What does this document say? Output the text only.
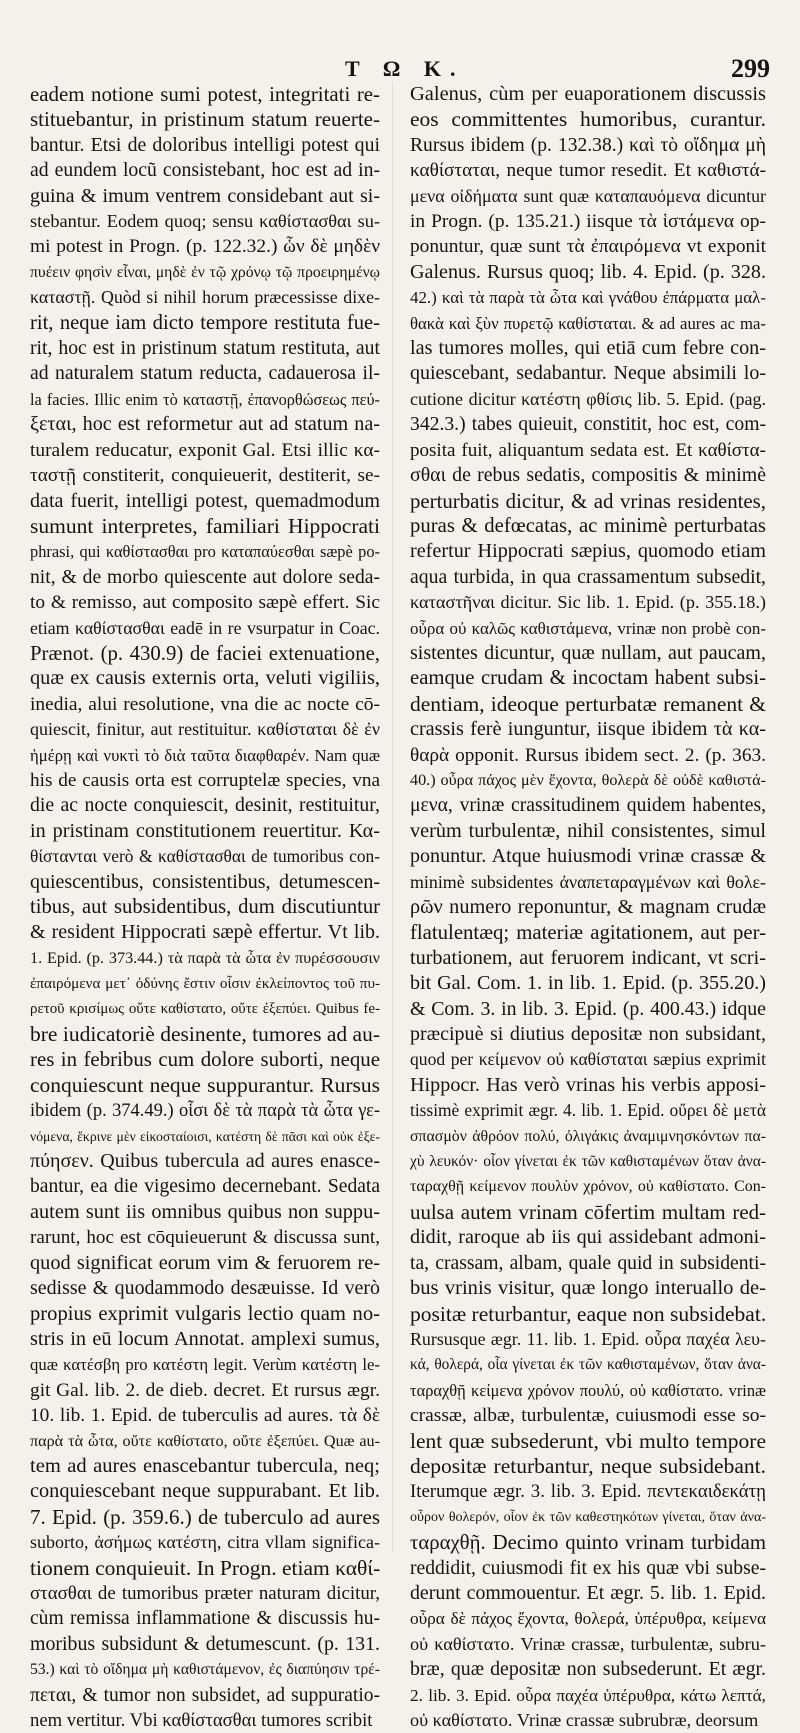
Τ Ω Κ.	299
eadem notione sumi potest, integritati re-
stituebantur, in pristinum statum reuerte-
bantur. Etsi de doloribus intelligi potest qui
ad eundem locũ consistebant, hoc est ad in-
guina & imum ventrem considebant aut si-
stebantur. Eodem quoq; sensu καθίστασθαι su-
mi potest in Progn. (p. 122.32.) ὧν δὲ μηδὲν
πυέειν φησὶν εἶναι, μηδὲ ἐν τῷ χρόνῳ τῷ προειρημένῳ
καταστῇ. Quòd si nihil horum præcessisse dixe-
rit, neque iam dicto tempore restituta fue-
rit, hoc est in pristinum statum restituta, aut
ad naturalem statum reducta, cadauerosa il-
la facies. Illic enim τὸ καταστῇ, ἐπανορθώσεως πεύ-
ξεται, hoc est reformetur aut ad statum na-
turalem reducatur, exponit Gal. Etsi illic κα-
ταστῇ constiterit, conquieuerit, destiterit, se-
data fuerit, intelligi potest, quemadmodum
sumunt interpretes, familiari Hippocrati
phrasi, qui καθίστασθαι pro καταπαύεσθαι sæpè po-
nit, & de morbo quiescente aut dolore seda-
to & remisso, aut composito sæpè effert. Sic
etiam καθίστασθαι eadē in re vsurpatur in Coac.
Prænot. (p. 430.9) de faciei extenuatione,
quæ ex causis externis orta, veluti vigiliis,
inedia, alui resolutione, vna die ac nocte cō-
quiescit, finitur, aut restituitur. καθίσταται δὲ ἐν
ἡμέρῃ καὶ νυκτὶ τὸ διὰ ταῦτα διαφθαρέν. Nam quæ
his de causis orta est corruptelæ species, vna
die ac nocte conquiescit, desinit, restituitur,
in pristinam constitutionem reuertitur. Κα-
θίστανται verò & καθίστασθαι de tumoribus con-
quiescentibus, consistentibus, detumescen-
tibus, aut subsidentibus, dum discutiuntur
& resident Hippocrati sæpè effertur. Vt lib.
1. Epid. (p. 373.44.) τὰ παρὰ τὰ ὦτα ἐν πυρέσσουσιν
ἐπαιρόμενα μετ᾽ ὀδύνης ἔστιν οἷσιν ἐκλείποντος τοῦ πυ-
ρετοῦ κρισίμως οὔτε καθίστατο, οὔτε ἐξεπύει. Quibus fe-
bre iudicatoriè desinente, tumores ad au-
res in febribus cum dolore suborti, neque
conquiescunt neque suppurantur. Rursus
ibidem (p. 374.49.) οἷσι δὲ τὰ παρὰ τὰ ὦτα γε-
νόμενα, ἔκρινε μὲν εἰκοσταίοισι, κατέστη δὲ πᾶσι καὶ οὐκ ἐξε-
πύησεν. Quibus tubercula ad aures enasce-
bantur, ea die vigesimo decernebant. Sedata
autem sunt iis omnibus quibus non suppu-
rarunt, hoc est cōquieuerunt & discussa sunt,
quod significat eorum vim & feruorem re-
sedisse & quodammodo desæuisse. Id verò
propius exprimit vulgaris lectio quam no-
stris in eū locum Annotat. amplexi sumus,
quæ κατέσβη pro κατέστη legit. Verùm κατέστη le-
git Gal. lib. 2. de dieb. decret. Et rursus ægr.
10. lib. 1. Epid. de tuberculis ad aures. τὰ δὲ
παρὰ τὰ ὦτα, οὔτε καθίστατο, οὔτε ἐξεπύει. Quæ au-
tem ad aures enascebantur tubercula, neq;
conquiescebant neque suppurabant. Et lib.
7. Epid. (p. 359.6.) de tuberculo ad aures
suborto, ἀσήμως κατέστη, citra vllam significa-
tionem conquieuit. In Progn. etiam καθί-
στασθαι de tumoribus præter naturam dicitur,
cùm remissa inflammatione & discussis hu-
moribus subsidunt & detumescunt. (p. 131.
53.) καὶ τὸ οἴδημα μὴ καθιστάμενον, ἐς διαπύησιν τρέ-
πεται, & tumor non subsidet, ad suppuratio-
nem vertitur. Vbi καθίστασθαι tumores scribit
Galenus, cùm per euaporationem discussis
eos committentes humoribus, curantur.
Rursus ibidem (p. 132.38.) καὶ τὸ οἴδημα μὴ
καθίσταται, neque tumor resedit. Et καθιστά-
μενα οἰδήματα sunt quæ καταπαυόμενα dicuntur
in Progn. (p. 135.21.) iisque τὰ ἱστάμενα op-
ponuntur, quæ sunt τὰ ἐπαιρόμενα vt exponit
Galenus. Rursus quoq; lib. 4. Epid. (p. 328.
42.) καὶ τὰ παρὰ τὰ ὦτα καὶ γνάθου ἐπάρματα μαλ-
θακὰ καὶ ξὺν πυρετῷ καθίσταται. & ad aures ac ma-
las tumores molles, qui etiā cum febre con-
quiescebant, sedabantur. Neque absimili lo-
cutione dicitur κατέστη φθίσις lib. 5. Epid. (pag.
342.3.) tabes quieuit, constitit, hoc est, com-
posita fuit, aliquantum sedata est. Et καθίστα-
σθαι de rebus sedatis, compositis & minimè
perturbatis dicitur, & ad vrinas residentes,
puras & defœcatas, ac minimè perturbatas
refertur Hippocrati sæpius, quomodo etiam
aqua turbida, in qua crassamentum subsedit,
καταστῆναι dicitur. Sic lib. 1. Epid. (p. 355.18.)
οὖρα οὐ καλῶς καθιστάμενα, vrinæ non probè con-
sistentes dicuntur, quæ nullam, aut paucam,
eamque crudam & incoctam habent subsi-
dentiam, ideoque perturbatæ remanent &
crassis ferè iunguntur, iisque ibidem τὰ κα-
θαρὰ opponit. Rursus ibidem sect. 2. (p. 363.
40.) οὖρα πάχος μὲν ἔχοντα, θολερὰ δὲ οὐδὲ καθιστά-
μενα, vrinæ crassitudinem quidem habentes,
verùm turbulentæ, nihil consistentes, simul
ponuntur. Atque huiusmodi vrinæ crassæ &
minimè subsidentes ἀναπεταραγμένων καὶ θολε-
ρῶν numero reponuntur, & magnam crudæ
flatulentæq; materiæ agitationem, aut per-
turbationem, aut feruorem indicant, vt scri-
bit Gal. Com. 1. in lib. 1. Epid. (p. 355.20.)
& Com. 3. in lib. 3. Epid. (p. 400.43.) idque
præcipuè si diutius depositæ non subsidant,
quod per κείμενον οὐ καθίσταται sæpius exprimit
Hippocr. Has verò vrinas his verbis apposi-
tissimè exprimit ægr. 4. lib. 1. Epid. οὔρει δὲ μετὰ
σπασμὸν ἀθρόον πολύ, ὀλιγάκις ἀναμιμνησκόντων πα-
χὺ λευκόν· οἷον γίνεται ἐκ τῶν καθισταμένων ὅταν ἀνα-
ταραχθῇ κείμενον πουλὺν χρόνον, οὐ καθίστατο. Con-
uulsa autem vrinam cōfertim multam red-
didit, raroque ab iis qui assidebant admoni-
ta, crassam, albam, quale quid in subsidenti-
bus vrinis visitur, quæ longo interuallo de-
positæ returbantur, eaque non subsidebat.
Rursusque ægr. 11. lib. 1. Epid. οὖρα παχέα λευ-
κά, θολερά, οἷα γίνεται ἐκ τῶν καθισταμένων, ὅταν ἀνα-
ταραχθῇ κείμενα χρόνον πουλύ, οὐ καθίστατο. vrinæ
crassæ, albæ, turbulentæ, cuiusmodi esse so-
lent quæ subsederunt, vbi multo tempore
depositæ returbantur, neque subsidebant.
Iterumque ægr. 3. lib. 3. Epid. πεντεκαιδεκάτῃ
οὖρον θολερόν, οἷον ἐκ τῶν καθεστηκότων γίνεται, ὅταν ἀνα-
ταραχθῇ. Decimo quinto vrinam turbidam
reddidit, cuiusmodi fit ex his quæ vbi subse-
derunt commouentur. Et ægr. 5. lib. 1. Epid.
οὖρα δὲ πάχος ἔχοντα, θολερά, ὑπέρυθρα, κείμενα
οὐ καθίστατο. Vrinæ crassæ, turbulentæ, subru-
bræ, quæ depositæ non subsederunt. Et ægr.
2. lib. 3. Epid. οὖρα παχέα ὑπέρυθρα, κάτω λεπτά,
οὐ καθίστατο. Vrinæ crassæ subrubræ, deorsum
